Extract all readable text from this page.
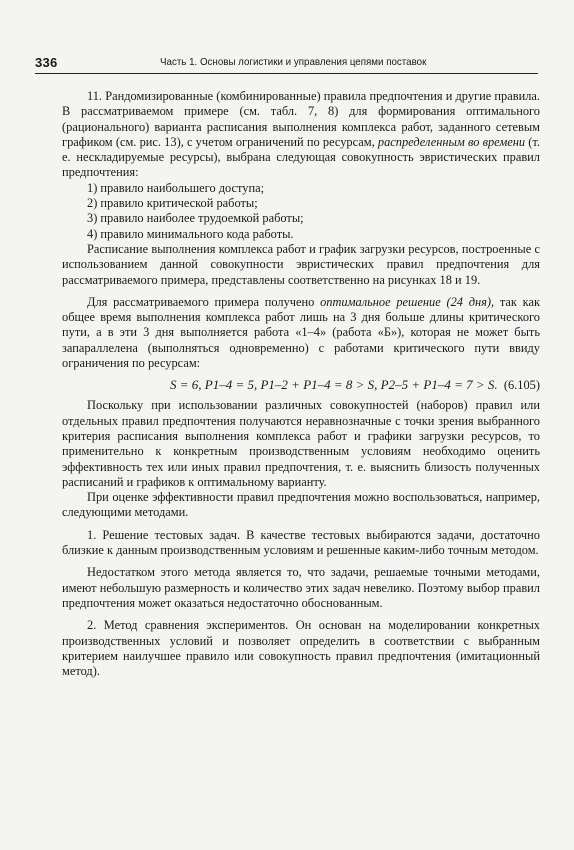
336	Часть 1. Основы логистики и управления цепями поставок

11. Рандомизированные (комбинированные) правила предпочтения и другие правила. В рассматриваемом примере (см. табл. 7, 8) для формирования оптимального (рационального) варианта расписания выполнения комплекса работ, заданного сетевым графиком (см. рис. 13), с учетом ограничений по ресурсам, распределенным во времени (т. е. нескладируемые ресурсы), выбрана следующая совокупность эвристических правил предпочтения:

1) правило наибольшего доступа;
2) правило критической работы;
3) правило наиболее трудоемкой работы;
4) правило минимального кода работы.

Расписание выполнения комплекса работ и график загрузки ресурсов, построенные с использованием данной совокупности эвристических правил предпочтения для рассматриваемого примера, представлены соответственно на рисунках 18 и 19.

Для рассматриваемого примера получено оптимальное решение (24 дня), так как общее время выполнения комплекса работ лишь на 3 дня больше длины критического пути, а в эти 3 дня выполняется работа «1–4» (работа «Б»), которая не может быть запараллелена (выполняться одновременно) с работами критического пути ввиду ограничения по ресурсам:

S = 6, P1–4 = 5, P1–2 + P1–4 = 8 > S, P2–5 + P1–4 = 7 > S. (6.105)

Поскольку при использовании различных совокупностей (наборов) правил или отдельных правил предпочтения получаются неравнозначные с точки зрения выбранного критерия расписания выполнения комплекса работ и графики загрузки ресурсов, то применительно к конкретным производственным условиям необходимо оценить эффективность тех или иных правил предпочтения, т. е. выяснить близость полученных расписаний и графиков к оптимальному варианту.

При оценке эффективности правил предпочтения можно воспользоваться, например, следующими методами.

1. Решение тестовых задач. В качестве тестовых выбираются задачи, достаточно близкие к данным производственным условиям и решенные каким-либо точным методом.

Недостатком этого метода является то, что задачи, решаемые точными методами, имеют небольшую размерность и количество этих задач невелико. Поэтому выбор правил предпочтения может оказаться недостаточно обоснованным.

2. Метод сравнения экспериментов. Он основан на моделировании конкретных производственных условий и позволяет определить в соответствии с выбранным критерием наилучшее правило или совокупность правил предпочтения (имитационный метод).
